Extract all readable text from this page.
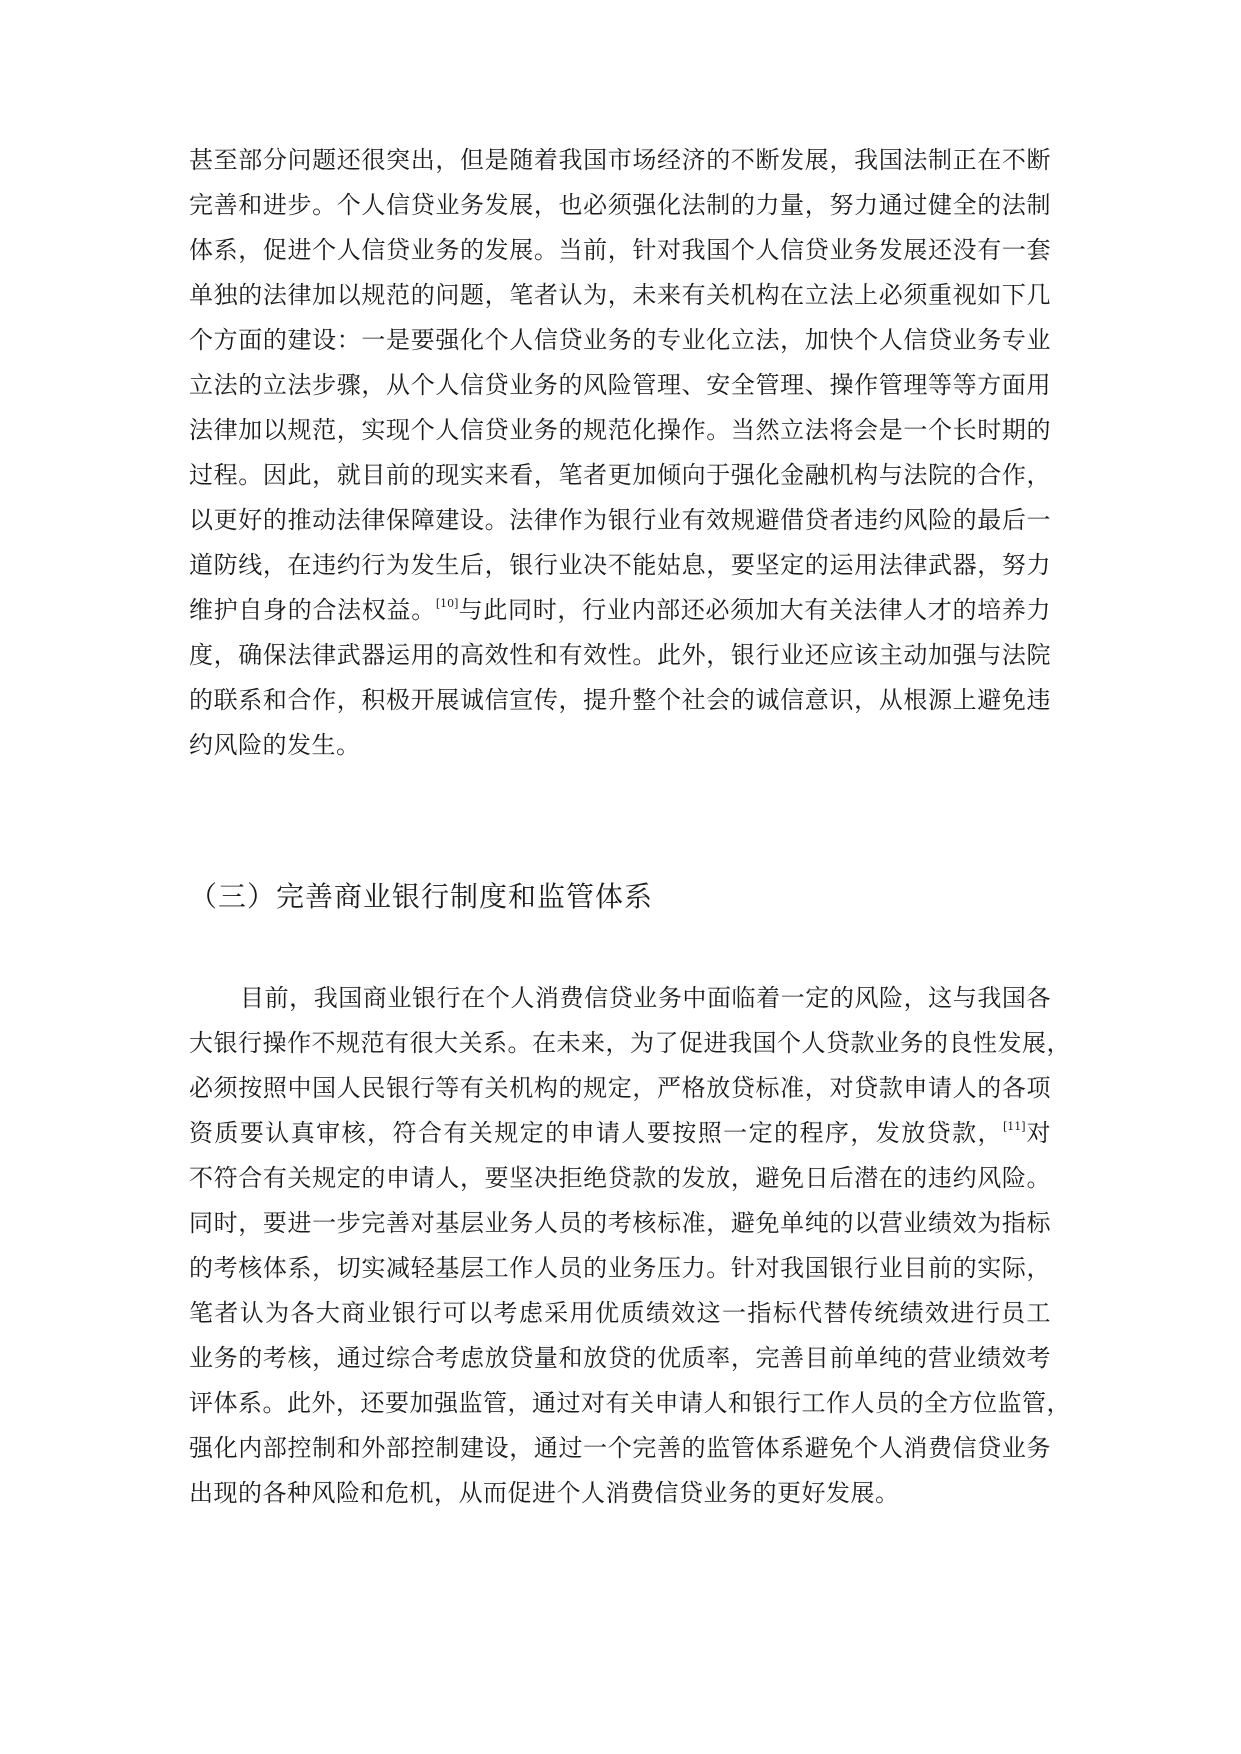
甚至部分问题还很突出，但是随着我国市场经济的不断发展，我国法制正在不断
完善和进步。个人信贷业务发展，也必须强化法制的力量，努力通过健全的法制
体系，促进个人信贷业务的发展。当前，针对我国个人信贷业务发展还没有一套
单独的法律加以规范的问题，笔者认为，未来有关机构在立法上必须重视如下几
个方面的建设：一是要强化个人信贷业务的专业化立法，加快个人信贷业务专业
立法的立法步骤，从个人信贷业务的风险管理、安全管理、操作管理等等方面用
法律加以规范，实现个人信贷业务的规范化操作。当然立法将会是一个长时期的
过程。因此，就目前的现实来看，笔者更加倾向于强化金融机构与法院的合作，
以更好的推动法律保障建设。法律作为银行业有效规避借贷者违约风险的最后一
道防线，在违约行为发生后，银行业决不能姑息，要坚定的运用法律武器，努力
维护自身的合法权益。[10]与此同时，行业内部还必须加大有关法律人才的培养力
度，确保法律武器运用的高效性和有效性。此外，银行业还应该主动加强与法院
的联系和合作，积极开展诚信宣传，提升整个社会的诚信意识，从根源上避免违
约风险的发生。
（三）完善商业银行制度和监管体系
目前，我国商业银行在个人消费信贷业务中面临着一定的风险，这与我国各
大银行操作不规范有很大关系。在未来，为了促进我国个人贷款业务的良性发展，
必须按照中国人民银行等有关机构的规定，严格放贷标准，对贷款申请人的各项
资质要认真审核，符合有关规定的申请人要按照一定的程序，发放贷款，[11]对
不符合有关规定的申请人，要坚决拒绝贷款的发放，避免日后潜在的违约风险。
同时，要进一步完善对基层业务人员的考核标准，避免单纯的以营业绩效为指标
的考核体系，切实减轻基层工作人员的业务压力。针对我国银行业目前的实际，
笔者认为各大商业银行可以考虑采用优质绩效这一指标代替传统绩效进行员工
业务的考核，通过综合考虑放贷量和放贷的优质率，完善目前单纯的营业绩效考
评体系。此外，还要加强监管，通过对有关申请人和银行工作人员的全方位监管，
强化内部控制和外部控制建设，通过一个完善的监管体系避免个人消费信贷业务
出现的各种风险和危机，从而促进个人消费信贷业务的更好发展。
